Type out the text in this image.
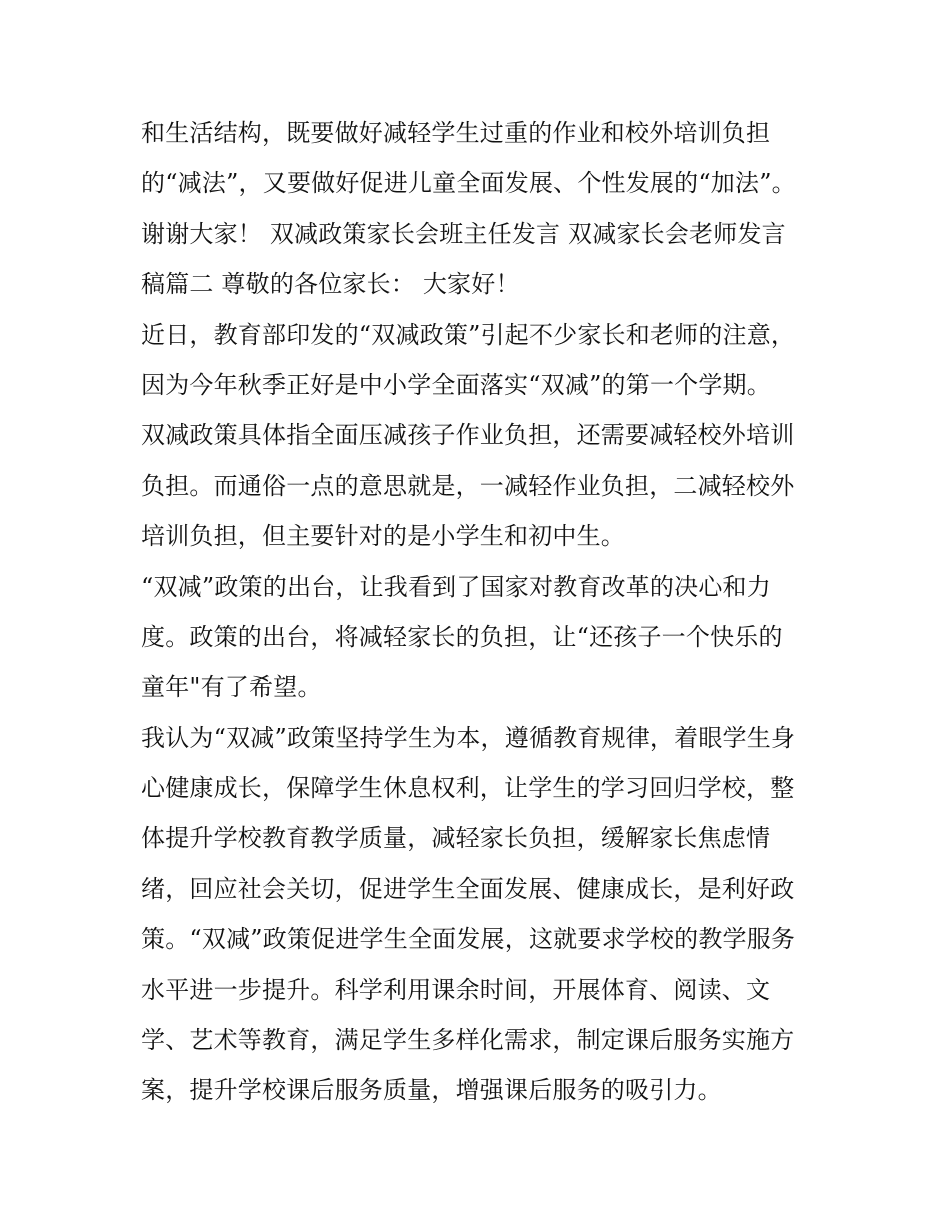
和生活结构，既要做好减轻学生过重的作业和校外培训负担
的“减法”，又要做好促进儿童全面发展、个性发展的“加法”。
谢谢大家！ 双减政策家长会班主任发言 双减家长会老师发言
稿篇二 尊敬的各位家长： 大家好！
近日，教育部印发的“双减政策”引起不少家长和老师的注意，
因为今年秋季正好是中小学全面落实“双减”的第一个学期。
双减政策具体指全面压减孩子作业负担，还需要减轻校外培训
负担。而通俗一点的意思就是，一减轻作业负担，二减轻校外
培训负担，但主要针对的是小学生和初中生。
“双减”政策的出台，让我看到了国家对教育改革的决心和力
度。政策的出台，将减轻家长的负担，让“还孩子一个快乐的
童年"有了希望。
我认为“双减”政策坚持学生为本，遵循教育规律，着眼学生身
心健康成长，保障学生休息权利，让学生的学习回归学校，整
体提升学校教育教学质量，减轻家长负担，缓解家长焦虑情
绪，回应社会关切，促进学生全面发展、健康成长，是利好政
策。“双减”政策促进学生全面发展，这就要求学校的教学服务
水平进一步提升。科学利用课余时间，开展体育、阅读、文
学、艺术等教育，满足学生多样化需求，制定课后服务实施方
案，提升学校课后服务质量，增强课后服务的吸引力。
